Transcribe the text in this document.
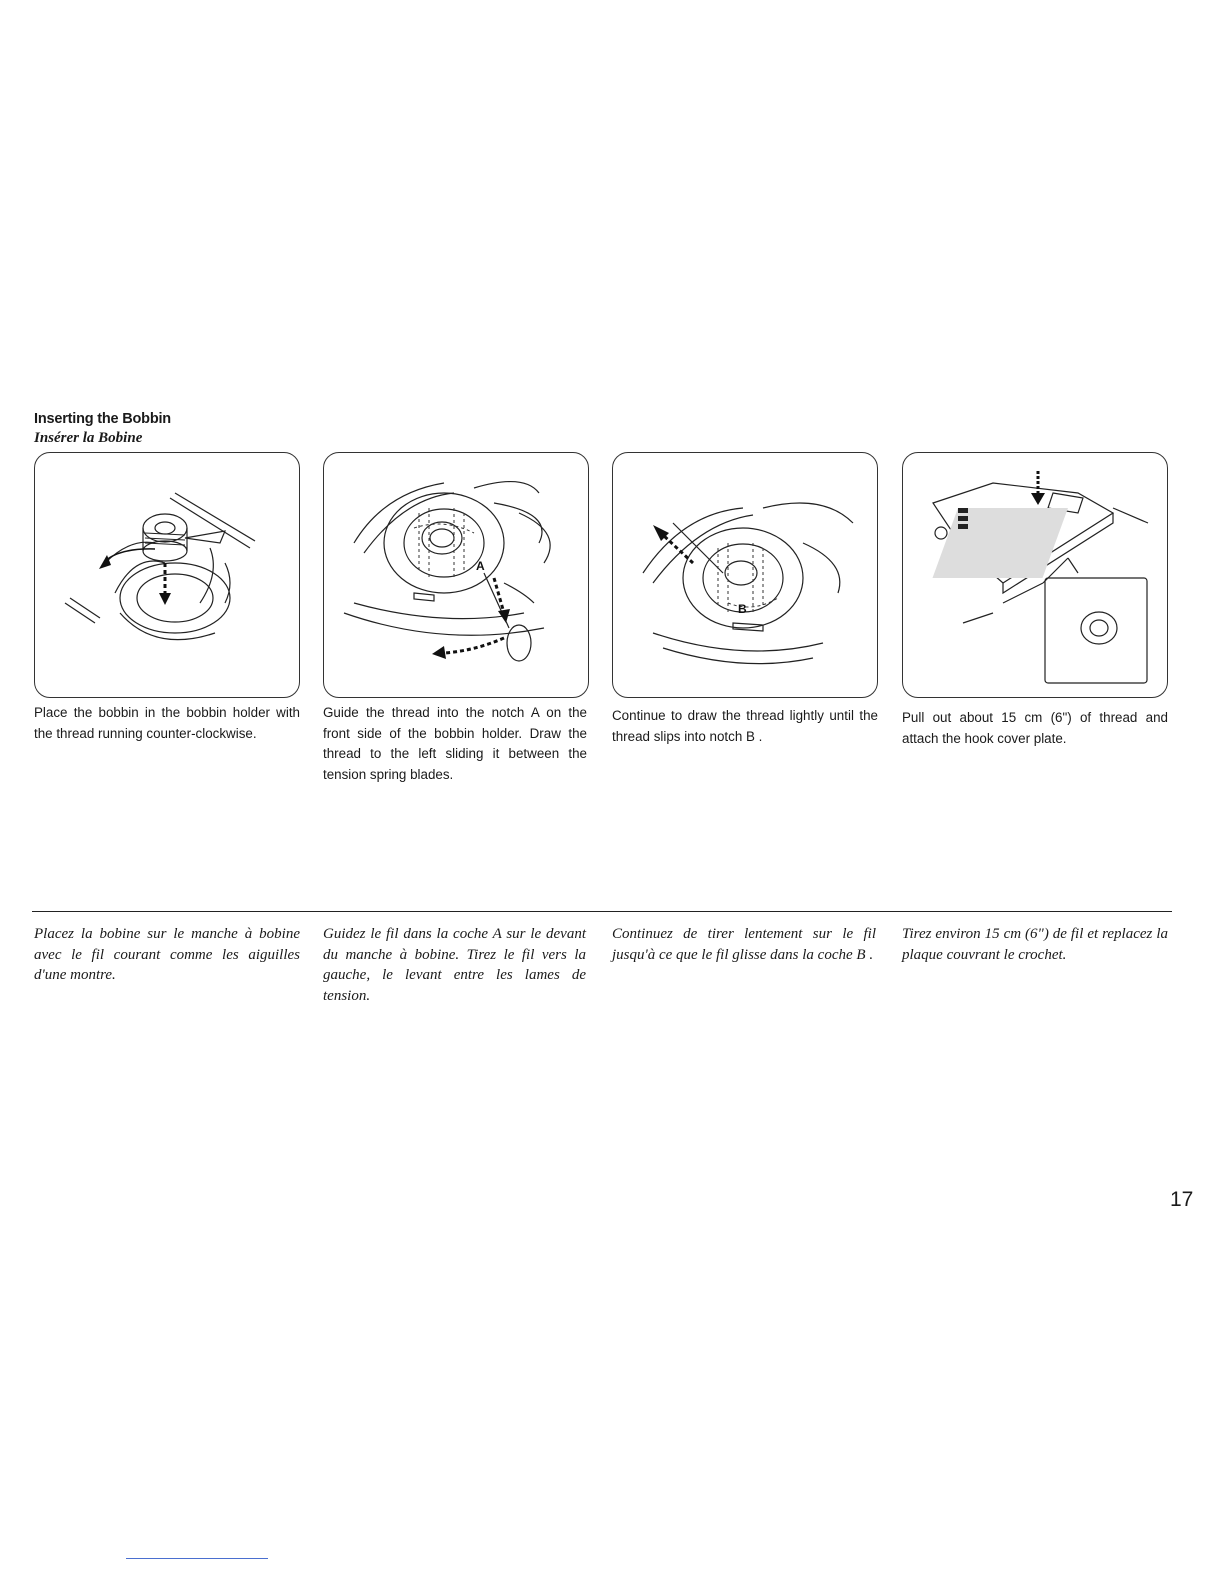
Inserting the Bobbin
Insérer la Bobine
A
B
Place the bobbin in the bobbin holder with the thread running counter-clockwise.
Guide the thread into the notch A on the front side of the bobbin holder. Draw the thread to the left sliding it between the tension spring blades.
Continue to draw the thread lightly until the thread slips into notch B .
Pull out about 15 cm (6") of thread and attach the hook cover plate.
Placez la bobine sur le manche à bobine avec le fil courant comme les aiguilles d'une montre.
Guidez le fil dans la coche A sur le devant du manche à bobine. Tirez le fil vers la gauche, le levant entre les lames de tension.
Continuez de tirer lentement sur le fil jusqu'à ce que le fil glisse dans la coche B .
Tirez environ 15 cm (6") de fil et replacez la plaque couvrant le crochet.
17
